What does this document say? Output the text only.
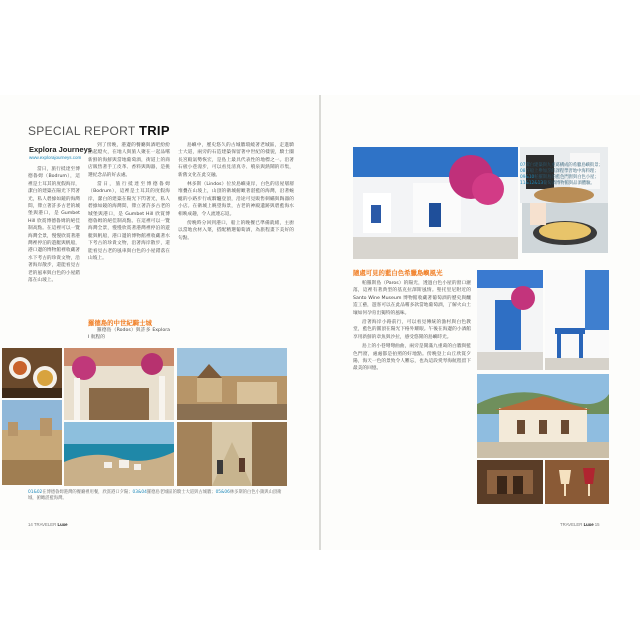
SPECIAL REPORT TRIP
Explora Journeys
www.explorajourneys.com

當日，旅行抵達至博德魯姆（Bodrum），這裡是土耳其的度假海岸，潔白的建築在陽光下閃著光，私人碧綠如鏡的海灣間，聳立著許多古老的城堡與港口，是 Gumbet Hill 欣賞博德魯姆的絕佳制高點。在這裡可以一覽海灣全景，慢慢欣賞著港灣裡停泊的遊艇與帆船，港口邊的博物館裡收藏著水下考古的珍貴文物，沿著海岸散步，還能看見古老的風車與白色的小屋錯落在山坡上。

到了傍晚，港邊的餐廳與酒吧紛紛點起燈火，在地人與旅人聚在一起品嚐新鮮的海鮮與當地葡萄酒，街道上的商店販售著手工皮革、香料與陶器，是挑選紀念品的好去處。

當日，旅行抵達至博德魯姆（Bodrum），這裡是土耳其的度假海岸，潔白的建築在陽光下閃著光，私人碧綠如鏡的海灣間，聳立著許多古老的城堡與港口，是 Gumbet Hill 欣賞博德魯姆的絕佳制高點。在這裡可以一覽海灣全景，慢慢欣賞著港灣裡停泊的遊艇與帆船，港口邊的博物館裡收藏著水下考古的珍貴文物，沿著海岸散步，還能看見古老的風車與白色的小屋錯落在山坡上。

島嶼中，歷史悠久的古城牆環繞著老城區，走進騎士大道，兩旁的石造建築保留著中世紀的樣貌，騎士團長宮殿氣勢恢宏，是島上最具代表性的地標之一。沿著石板小巷漫步，可以看見清真寺、噴泉與熱鬧的市集，新舊文化在此交融。

林多斯（Lindos）位於島嶼東岸，白色的房屋層層堆疊在山坡上，山頂的衛城俯瞰著湛藍的海灣，沿著蜿蜒的小路步行或騎驢登頂，沿途可見販售刺繡與陶器的小店。在衛城上眺望海景，古老的神殿遺跡與碧藍海水相映成趣，令人流連忘返。

傍晚時分回到港口，船上的晚餐已準備就緒，主廚以當地食材入菜，搭配精選葡萄酒，為旅程畫下美好的句點。

羅德島的中世紀騎士城

羅德島（Rodos）與許多 Explora I 航程的

01&02在博德魯姆港灣的餐廳裡用餐，欣賞港口夕陽；03&04羅德島老城區的騎士大道與古城牆；05&06林多斯的白色小鎮與山頂衛城，俯瞰湛藍海灣。
14 TRAVELER Luxe
07潔白建築與九重葛構成的希臘島嶼街景；08在船上參加烹飪課程學習地中海料理；09&10帕羅斯島的藍色門窗與白色小屋；11&12&13葡萄酒博物館與品酒體驗。
隨處可見的藍白色希臘島嶼風光

帕羅斯島（Paros）的陽光，透過白色小屋的窗口灑落，這裡有著典型的基克拉澤斯風情。聖托里尼附近的 Santo Wine Museum 博物館收藏著葡萄酒的歷史與釀造工藝，遊客可以在此品嚐多款當地葡萄酒，了解火山土壤如何孕育出獨特的風味。

沿著海岸小路前行，可以看見傳統的漁村與白色教堂，藍色的圓頂在陽光下格外耀眼。午後在海邊的小酒館享用新鮮的章魚與沙拉，感受悠閒的島嶼時光。

島上的小巷彎彎曲曲，兩旁是開滿九重葛的白牆與藍色門窗，處處都是拍照的好地點。傍晚登上山丘欣賞夕陽，海天一色的景致令人難忘，也為這段愛琴海航程留下最美的回憶。

TRAVELER Luxe 15
